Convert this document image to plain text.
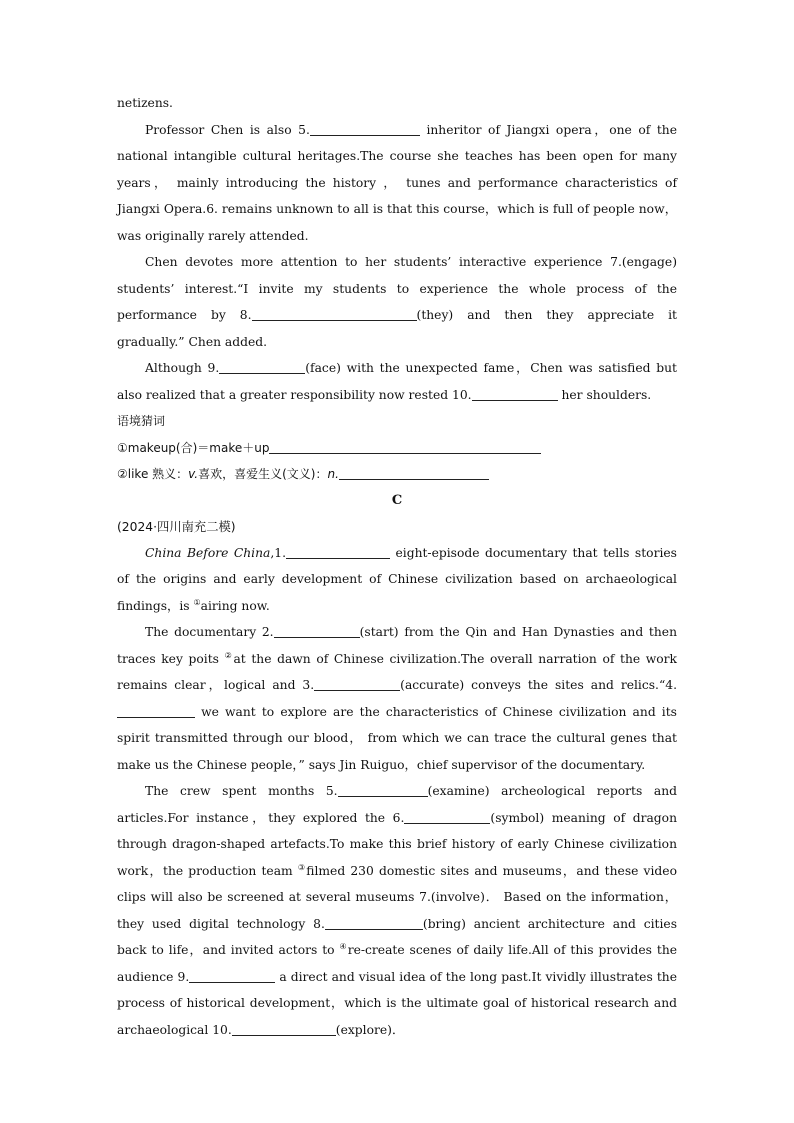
netizens.

Professor Chen is also 5.	inheritor of Jiangxi opera，one of the national intangible cultural heritages.The course she teaches has been open for many years， mainly introducing the history ， tunes and performance characteristics of Jiangxi Opera.6. remains unknown to all is that this course，which is full of people now，was originally rarely attended.

Chen devotes more attention to her students’ interactive experience 7.(engage) students’ interest.“I invite my students to experience the whole process of the performance by 8.	(they) and then they appreciate it gradually.” Chen added.

Although 9.	(face) with the unexpected fame，Chen was satisfied but also realized that a greater responsibility now rested 10.	her shoulders.

语境猜词

①makeup(合)＝make＋up

②like 熟义：v.喜欢，喜爱生义(文义)：n.

C

(2024·四川南充二模)

China Before China,1.	eight-episode documentary that tells stories of the origins and early development of Chinese civilization based on archaeological findings，is ①airing now.

The documentary 2.	(start) from the Qin and Han Dynasties and then traces key poits ②at the dawn of Chinese civilization.The overall narration of the work remains clear，logical and 3.	(accurate) conveys the sites and relics.“4. we want to explore are the characteristics of Chinese civilization and its spirit transmitted through our blood， from which we can trace the cultural genes that make us the Chinese people，” says Jin Ruiguo，chief supervisor of the documentary.

The crew spent months 5.	(examine) archeological reports and articles.For instance，they explored the 6.	(symbol) meaning of dragon through dragon-shaped artefacts.To make this brief history of early Chinese civilization work，the production team ③filmed 230 domestic sites and museums，and these video clips will also be screened at several museums 7.(involve)． Based on the information，they used digital technology 8.	(bring) ancient architecture and cities back to life，and invited actors to ④re-create scenes of daily life.All of this provides the audience 9.	a direct and visual idea of the long past.It vividly illustrates the process of historical development，which is the ultimate goal of historical research and archaeological 10.	(explore)．
